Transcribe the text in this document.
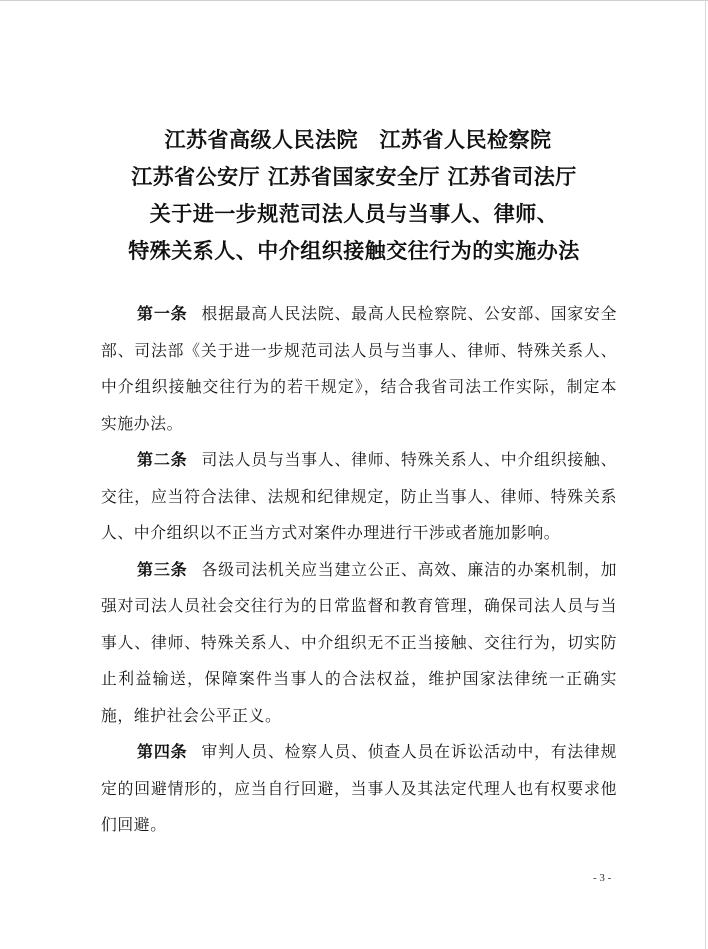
江苏省高级人民法院　江苏省人民检察院
江苏省公安厅 江苏省国家安全厅 江苏省司法厅
关于进一步规范司法人员与当事人、律师、
特殊关系人、中介组织接触交往行为的实施办法

第一条 根据最高人民法院、最高人民检察院、公安部、国家安全部、司法部《关于进一步规范司法人员与当事人、律师、特殊关系人、中介组织接触交往行为的若干规定》，结合我省司法工作实际，制定本实施办法。

第二条 司法人员与当事人、律师、特殊关系人、中介组织接触、交往，应当符合法律、法规和纪律规定，防止当事人、律师、特殊关系人、中介组织以不正当方式对案件办理进行干涉或者施加影响。

第三条 各级司法机关应当建立公正、高效、廉洁的办案机制，加强对司法人员社会交往行为的日常监督和教育管理，确保司法人员与当事人、律师、特殊关系人、中介组织无不正当接触、交往行为，切实防止利益输送，保障案件当事人的合法权益，维护国家法律统一正确实施，维护社会公平正义。

第四条 审判人员、检察人员、侦查人员在诉讼活动中，有法律规定的回避情形的，应当自行回避，当事人及其法定代理人也有权要求他们回避。

- 3 -
